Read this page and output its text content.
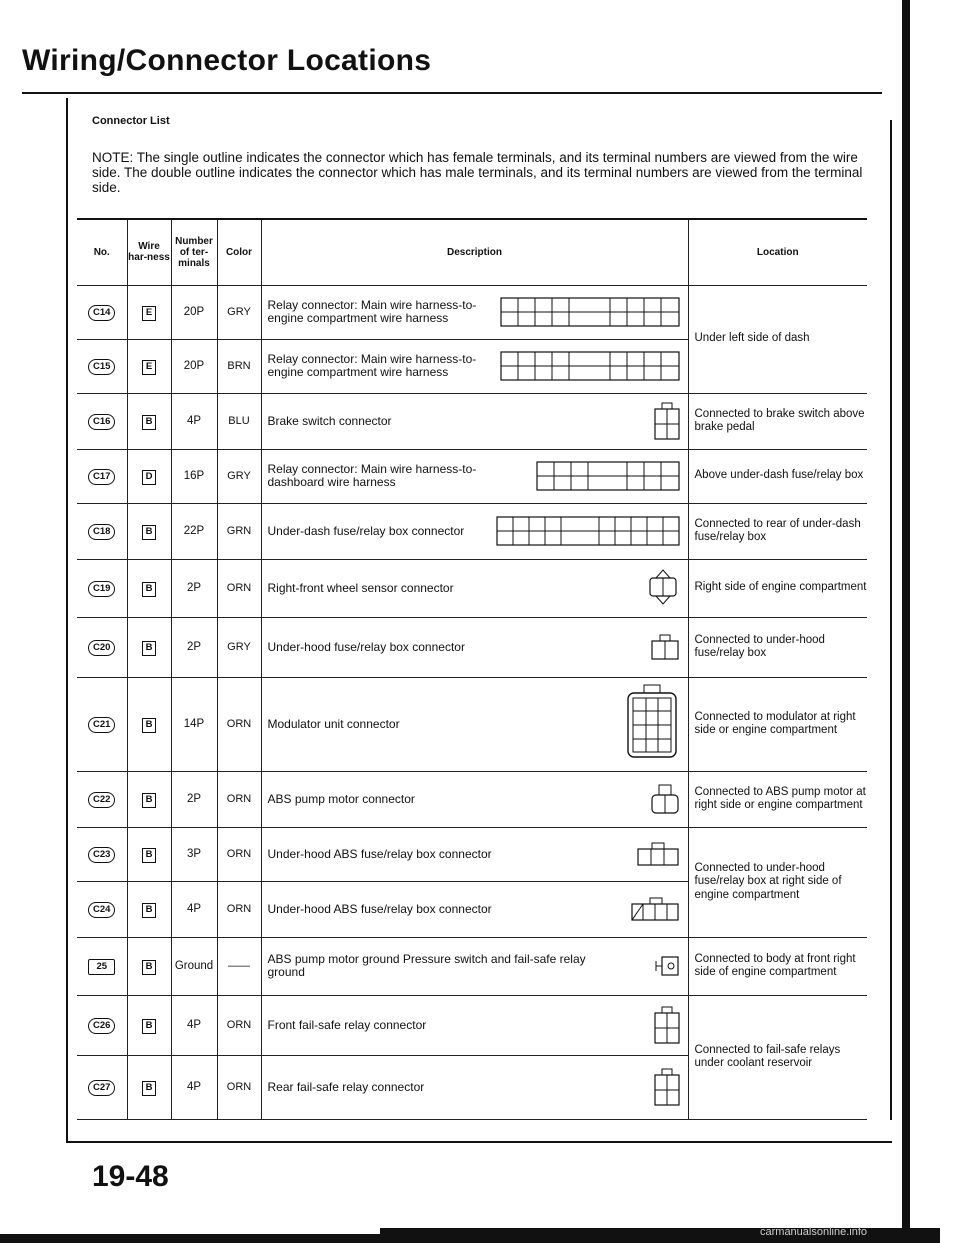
Wiring/Connector Locations
Connector List
NOTE: The single outline indicates the connector which has female terminals, and its terminal numbers are viewed from the wire side. The double outline indicates the connector which has male terminals, and its terminal numbers are viewed from the terminal side.
No.	Wire har-ness	Number of ter-minals	Color	Description	Location
C14	E	20P	GRY	Relay connector: Main wire harness-to-engine compartment wire harness	Under left side of dash
C15	E	20P	BRN	Relay connector: Main wire harness-to-engine compartment wire harness	

C16	B	4P	BLU	Brake switch connector	Connected to brake switch above brake pedal
C17	D	16P	GRY	Relay connector: Main wire harness-to-dashboard wire harness	Above under-dash fuse/relay box
C18	B	22P	GRN	Under-dash fuse/relay box connector	Connected to rear of under-dash fuse/relay box
C19	B	2P	ORN	Right-front wheel sensor connector	Right side of engine compartment
C20	B	2P	GRY	Under-hood fuse/relay box connector	Connected to under-hood fuse/relay box
C21	B	14P	ORN	Modulator unit connector	Connected to modulator at right side or engine compartment
C22	B	2P	ORN	ABS pump motor connector	Connected to ABS pump motor at right side or engine compartment
C23	B	3P	ORN	Under-hood ABS fuse/relay box connector	Connected to under-hood fuse/relay box at right side of engine compartment
C24	B	4P	ORN	Under-hood ABS fuse/relay box connector	

25	B	Ground	——	ABS pump motor ground Pressure switch and fail-safe relay ground	Connected to body at front right side of engine compartment
C26	B	4P	ORN	Front fail-safe relay connector	Connected to fail-safe relays under coolant reservoir
C27	B	4P	ORN	Rear fail-safe relay connector	
19-48
carmanualsonline.info
